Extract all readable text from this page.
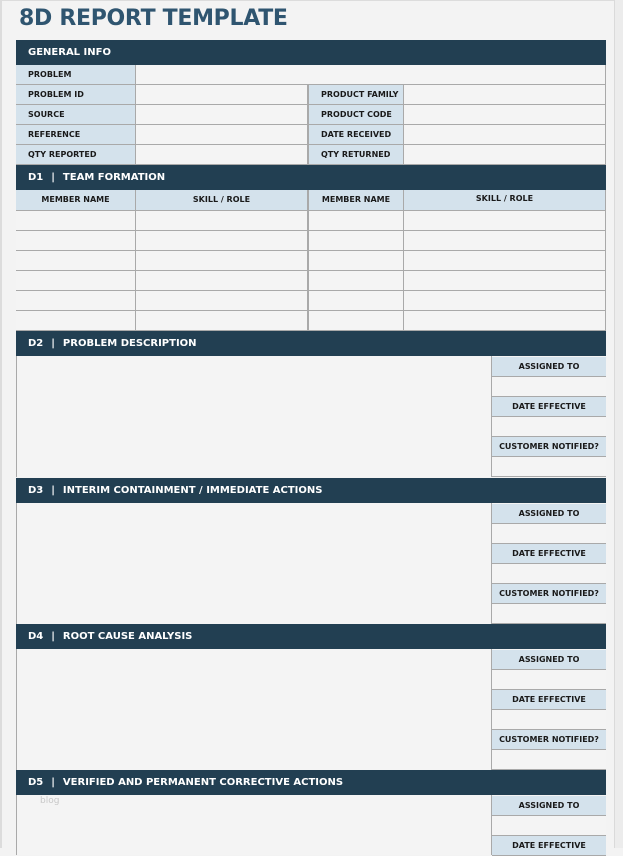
8D REPORT TEMPLATE
GENERAL INFO
PROBLEM
PROBLEM ID	PRODUCT FAMILY
SOURCE	PRODUCT CODE
REFERENCE	DATE RECEIVED
QTY REPORTED	QTY RETURNED
D1 | TEAM FORMATION
MEMBER NAME	SKILL / ROLE	MEMBER NAME	SKILL / ROLE
D2 | PROBLEM DESCRIPTION
ASSIGNED TO
DATE EFFECTIVE
CUSTOMER NOTIFIED?
D3 | INTERIM CONTAINMENT / IMMEDIATE ACTIONS
ASSIGNED TO
DATE EFFECTIVE
CUSTOMER NOTIFIED?
D4 | ROOT CAUSE ANALYSIS
ASSIGNED TO
DATE EFFECTIVE
CUSTOMER NOTIFIED?
D5 | VERIFIED AND PERMANENT CORRECTIVE ACTIONS
ASSIGNED TO
DATE EFFECTIVE
blog
